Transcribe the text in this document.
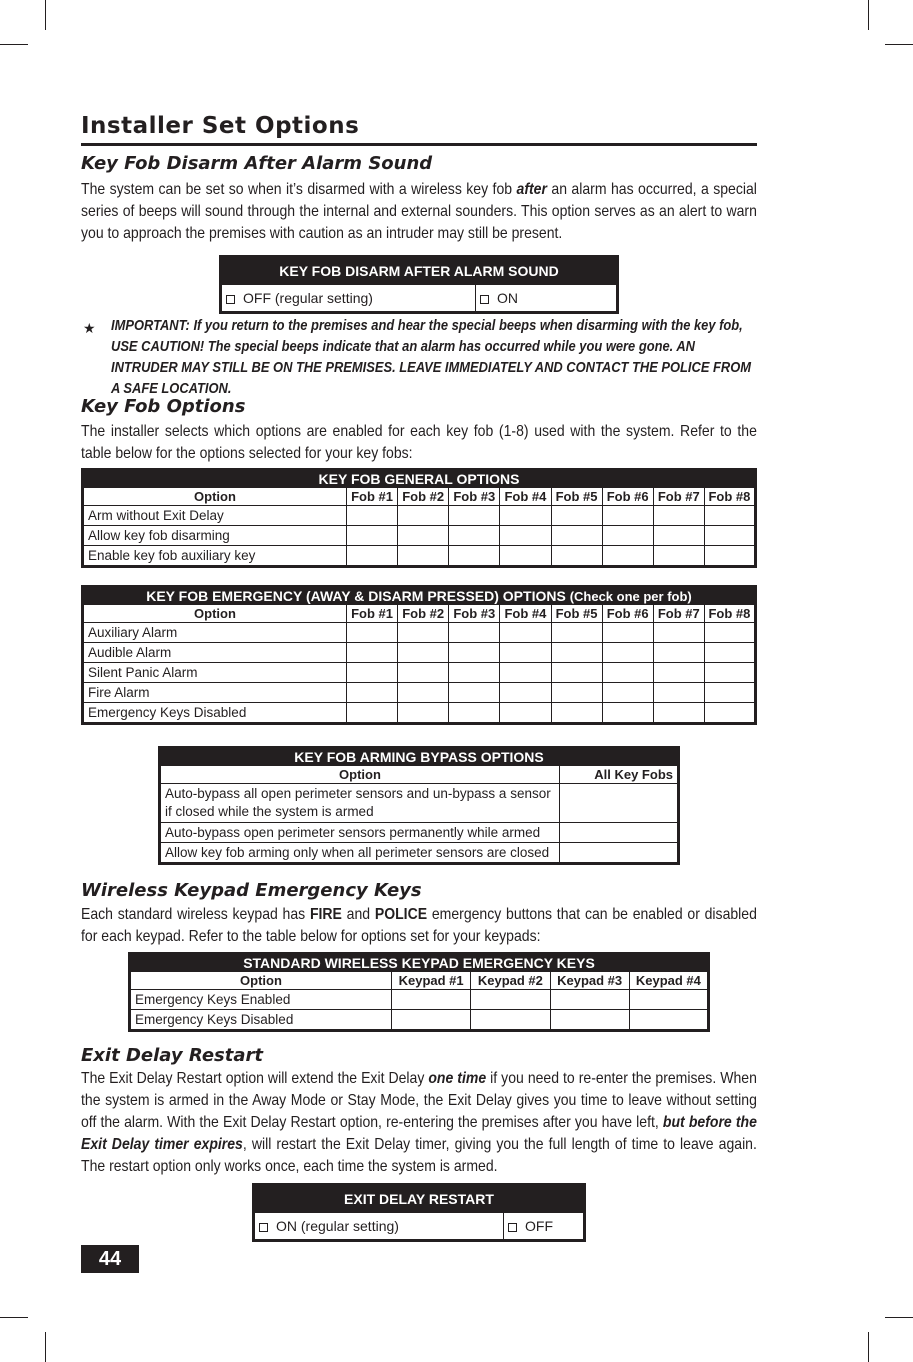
Installer Set Options
Key Fob Disarm After Alarm Sound

The system can be set so when it’s disarmed with a wireless key fob after an alarm has occurred, a special series of beeps will sound through the internal and external sounders. This option serves as an alert to warn you to approach the premises with caution as an intruder may still be present.

KEY FOB DISARM AFTER ALARM SOUND
OFF (regular setting)	ON
★ IMPORTANT: If you return to the premises and hear the special beeps when disarming with the key fob, USE CAUTION! The special beeps indicate that an alarm has occurred while you were gone. AN INTRUDER MAY STILL BE ON THE PREMISES. LEAVE IMMEDIATELY AND CONTACT THE POLICE FROM A SAFE LOCATION.

Key Fob Options

The installer selects which options are enabled for each key fob (1-8) used with the system. Refer to the table below for the options selected for your key fobs:

KEY FOB GENERAL OPTIONS								
Option	Fob #1	Fob #2	Fob #3	Fob #4	Fob #5	Fob #6	Fob #7	Fob #8
Arm without Exit Delay								
Allow key fob disarming								
Enable key fob auxiliary key								
KEY FOB EMERGENCY (AWAY & DISARM PRESSED) OPTIONS (Check one per fob)								
Option	Fob #1	Fob #2	Fob #3	Fob #4	Fob #5	Fob #6	Fob #7	Fob #8
Auxiliary Alarm								
Audible Alarm								
Silent Panic Alarm								
Fire Alarm								
Emergency Keys Disabled								
KEY FOB ARMING BYPASS OPTIONS	
Option	All Key Fobs
Auto-bypass all open perimeter sensors and un-bypass a sensor
if closed while the system is armed	
Auto-bypass open perimeter sensors permanently while armed	
Allow key fob arming only when all perimeter sensors are closed	
Wireless Keypad Emergency Keys

Each standard wireless keypad has FIRE and POLICE emergency buttons that can be enabled or disabled for each keypad. Refer to the table below for options set for your keypads:

STANDARD WIRELESS KEYPAD EMERGENCY KEYS				
Option	Keypad #1	Keypad #2	Keypad #3	Keypad #4
Emergency Keys Enabled				
Emergency Keys Disabled				
Exit Delay Restart

The Exit Delay Restart option will extend the Exit Delay one time if you need to re-enter the premises. When the system is armed in the Away Mode or Stay Mode, the Exit Delay gives you time to leave without setting off the alarm. With the Exit Delay Restart option, re-entering the premises after you have left, but before the Exit Delay timer expires, will restart the Exit Delay timer, giving you the full length of time to leave again. The restart option only works once, each time the system is armed.

EXIT DELAY RESTART
ON (regular setting)	OFF
44
